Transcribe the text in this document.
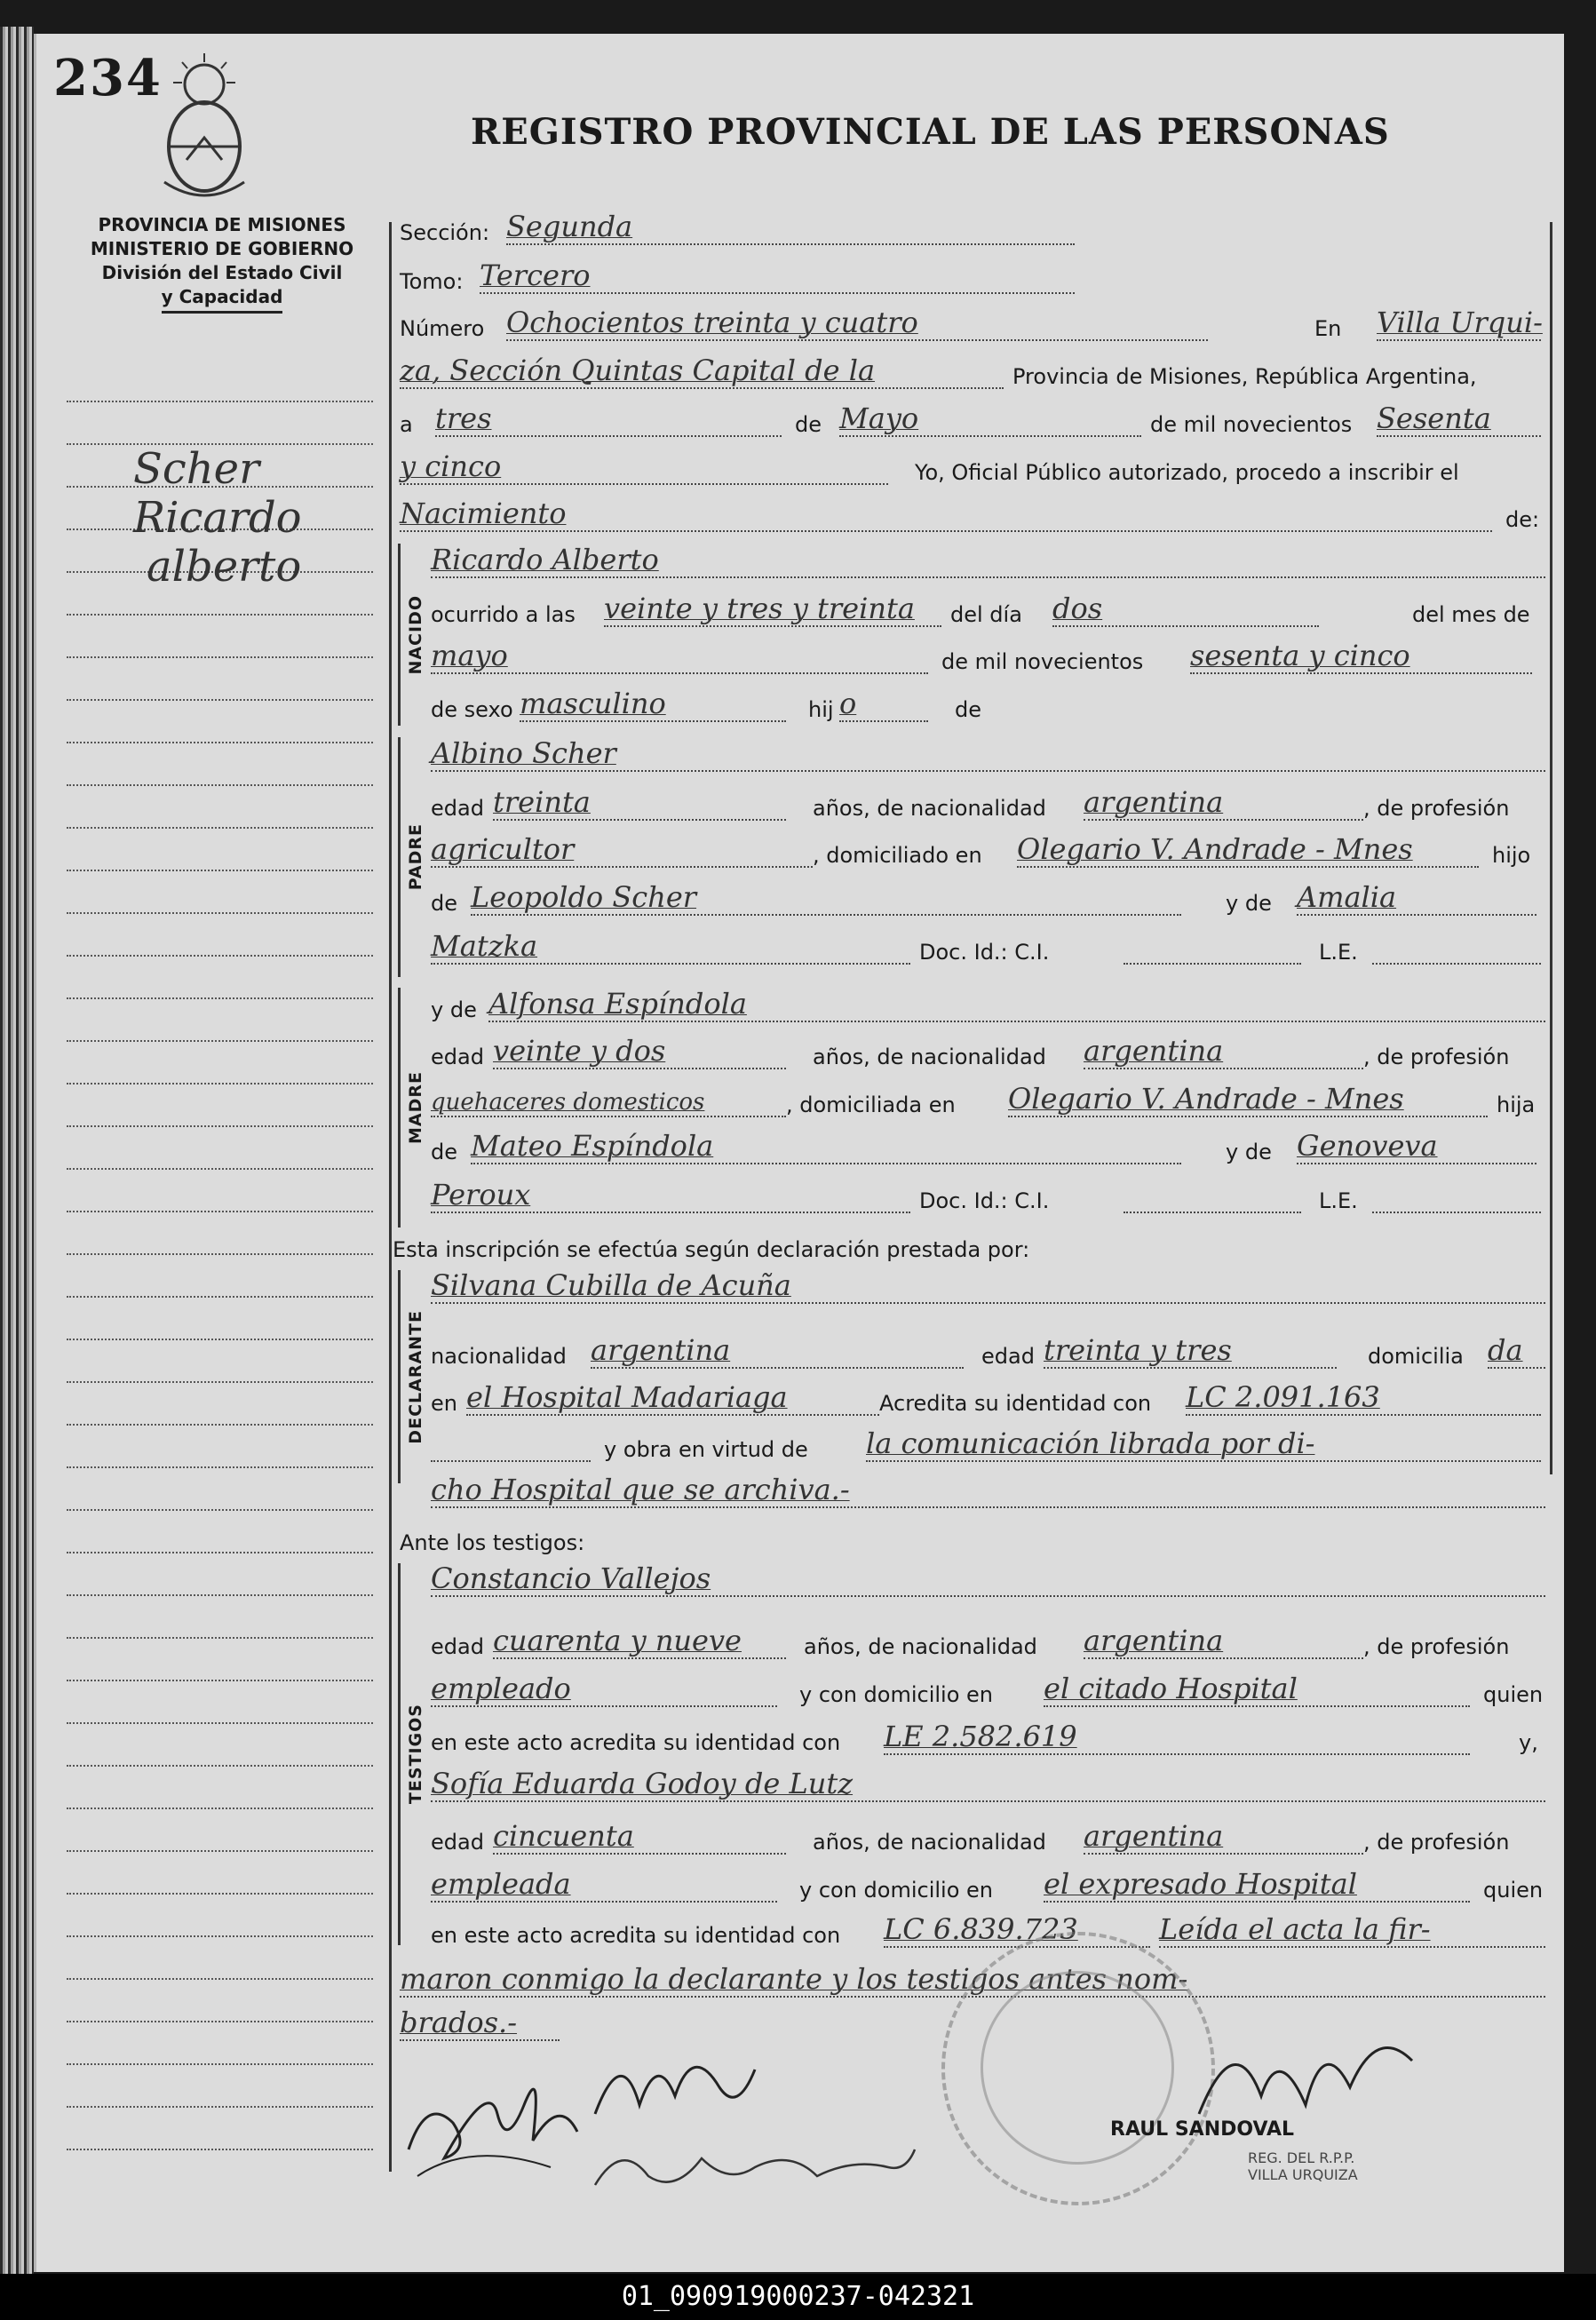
234
REGISTRO PROVINCIAL DE LAS PERSONAS
PROVINCIA DE MISIONES
MINISTERIO DE GOBIERNO
División del Estado Civil
y Capacidad
Scher
Ricardo
alberto
Sección: Segunda
Tomo: Tercero
Número Ochocientos treinta y cuatro	En Villa Urqui-
za, Sección Quintas Capital de la	Provincia de Misiones, República Argentina,
a tres	de Mayo	de mil novecientos Sesenta
y cinco	Yo, Oficial Público autorizado, procedo a inscribir el
Nacimiento	de:
NACIDO
Ricardo Alberto
ocurrido a las veinte y tres y treinta	del día dos	del mes de
mayo	de mil novecientos sesenta y cinco
de sexo masculino	hij o	de
PADRE
Albino Scher
edad treinta	años, de nacionalidad argentina	, de profesión
agricultor	, domiciliado en Olegario V. Andrade - Mnes	hijo
de Leopoldo Scher	y de Amalia
Matzka	Doc. Id.: C.I.	L.E.
MADRE
y de Alfonsa Espíndola
edad veinte y dos	años, de nacionalidad argentina	, de profesión
quehaceres domesticos	, domiciliada en Olegario V. Andrade - Mnes	hija
de Mateo Espíndola	y de Genoveva
Peroux	Doc. Id.: C.I.	L.E.
Esta inscripción se efectúa según declaración prestada por:
DECLARANTE
Silvana Cubilla de Acuña
nacionalidad argentina	edad treinta y tres	domicilia da
en el Hospital Madariaga	Acredita su identidad con LC 2.091.163
y obra en virtud de la comunicación librada por di-
cho Hospital que se archiva.-
Ante los testigos:
TESTIGOS
Constancio Vallejos
edad cuarenta y nueve	años, de nacionalidad argentina	, de profesión
empleado	y con domicilio en el citado Hospital	quien
en este acto acredita su identidad con LE 2.582.619	y,
Sofía Eduarda Godoy de Lutz
edad cincuenta	años, de nacionalidad argentina	, de profesión
empleada	y con domicilio en el expresado Hospital	quien
en este acto acredita su identidad con LC 6.839.723	Leída el acta la fir-
maron conmigo la declarante y los testigos antes nom-
brados.-
RAUL SANDOVAL
REG. DEL R.P.P.
VILLA URQUIZA
01_090919000237-042321
